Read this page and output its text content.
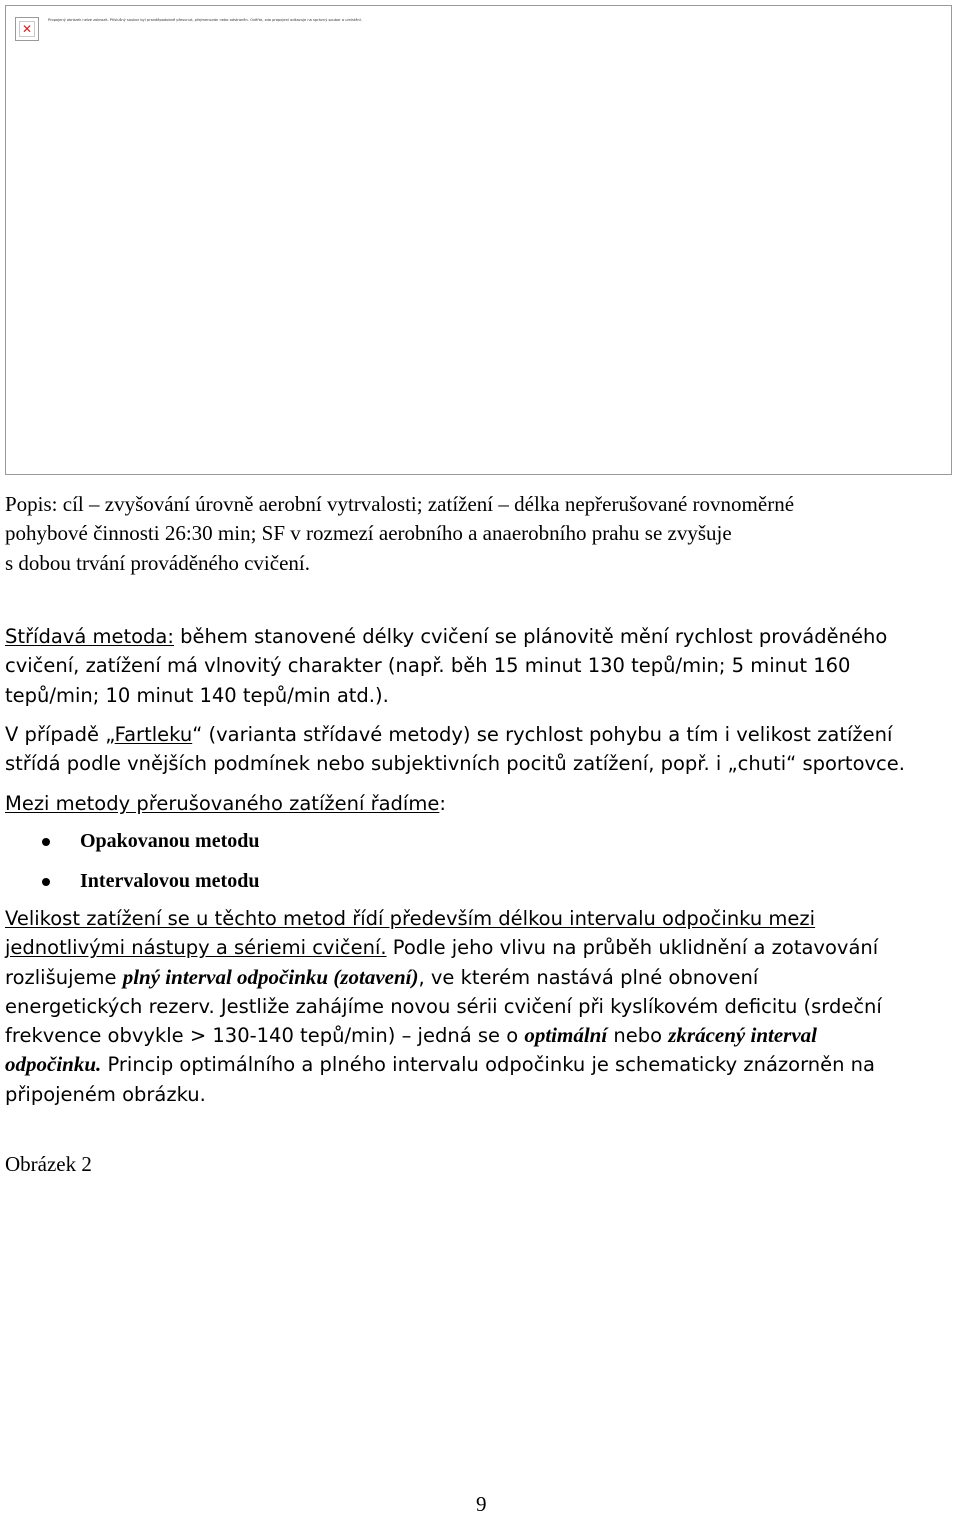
✕
Propojený obrázek nelze zobrazit. Příslušný soubor byl pravděpodobně přesunut, přejmenován nebo odstraněn. Ověřte, zda propojení odkazuje na správný soubor a umístění.
Popis: cíl – zvyšování úrovně aerobní vytrvalosti; zatížení – délka nepřerušované rovnoměrné
pohybové činnosti 26:30 min; SF v rozmezí aerobního a anaerobního prahu se zvyšuje
s dobou trvání prováděného cvičení.
Střídavá metoda: během stanovené délky cvičení se plánovitě mění rychlost prováděného
cvičení, zatížení má vlnovitý charakter (např. běh 15 minut 130 tepů/min; 5 minut 160
tepů/min; 10 minut 140 tepů/min atd.).
V případě „Fartleku“ (varianta střídavé metody) se rychlost pohybu a tím i velikost zatížení
střídá podle vnějších podmínek nebo subjektivních pocitů zatížení, popř. i „chuti“ sportovce.
Mezi metody přerušovaného zatížení řadíme:
Opakovanou metodu
Intervalovou metodu
Velikost zatížení se u těchto metod řídí především délkou intervalu odpočinku mezi
jednotlivými nástupy a sériemi cvičení. Podle jeho vlivu na průběh uklidnění a zotavování
rozlišujeme plný interval odpočinku (zotavení), ve kterém nastává plné obnovení
energetických rezerv. Jestliže zahájíme novou sérii cvičení při kyslíkovém deficitu (srdeční
frekvence obvykle > 130-140 tepů/min) – jedná se o optimální nebo zkrácený interval
odpočinku. Princip optimálního a plného intervalu odpočinku je schematicky znázorněn na
připojeném obrázku.
Obrázek 2
9
